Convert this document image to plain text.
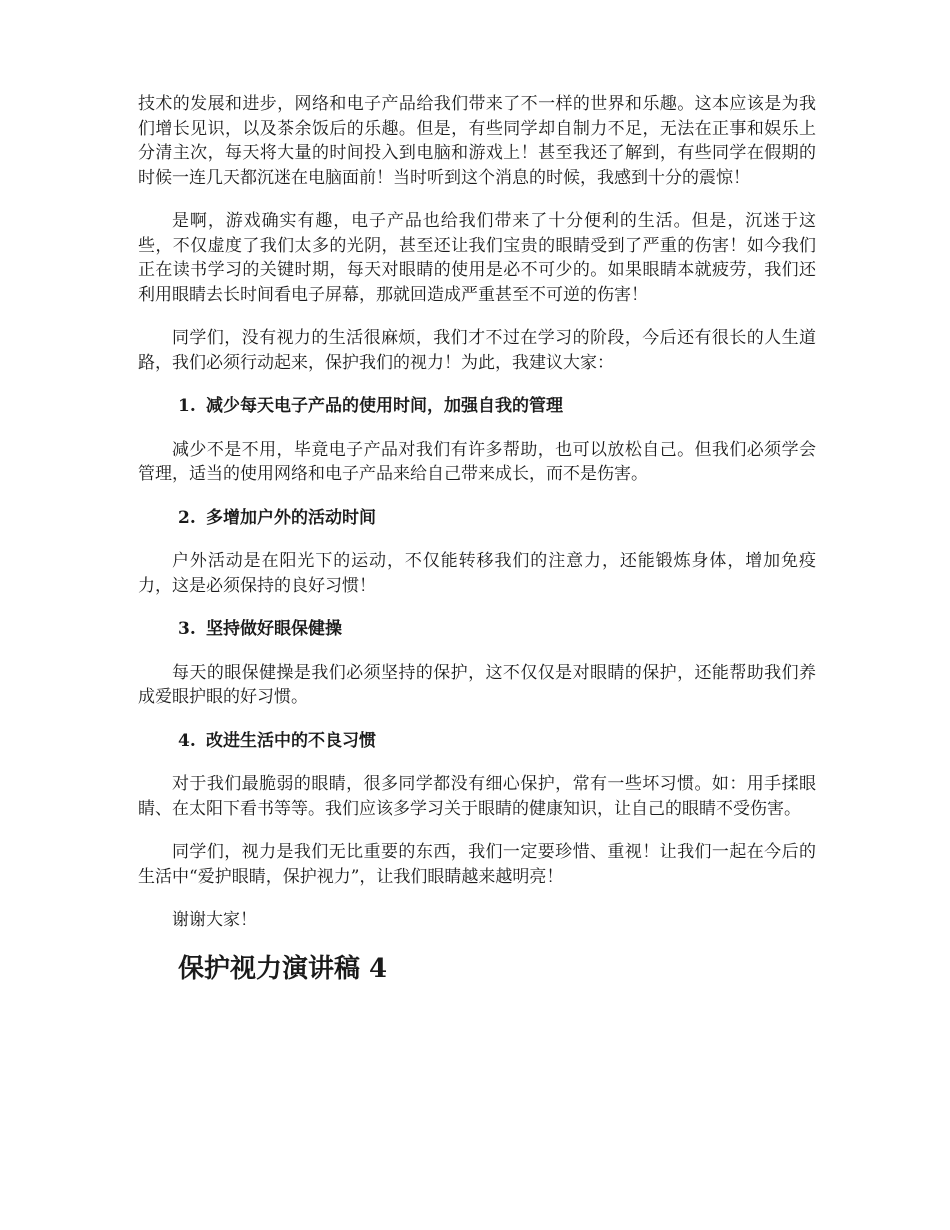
技术的发展和进步，网络和电子产品给我们带来了不一样的世界和乐趣。这本应该是为我们增长见识，以及茶余饭后的乐趣。但是，有些同学却自制力不足，无法在正事和娱乐上分清主次，每天将大量的时间投入到电脑和游戏上！甚至我还了解到，有些同学在假期的时候一连几天都沉迷在电脑面前！当时听到这个消息的时候，我感到十分的震惊！

是啊，游戏确实有趣，电子产品也给我们带来了十分便利的生活。但是，沉迷于这些，不仅虚度了我们太多的光阴，甚至还让我们宝贵的眼睛受到了严重的伤害！如今我们正在读书学习的关键时期，每天对眼睛的使用是必不可少的。如果眼睛本就疲劳，我们还利用眼睛去长时间看电子屏幕，那就回造成严重甚至不可逆的伤害！

同学们，没有视力的生活很麻烦，我们才不过在学习的阶段，今后还有很长的人生道路，我们必须行动起来，保护我们的视力！为此，我建议大家：

1. 减少每天电子产品的使用时间，加强自我的管理

减少不是不用，毕竟电子产品对我们有许多帮助，也可以放松自己。但我们必须学会管理，适当的使用网络和电子产品来给自己带来成长，而不是伤害。

2. 多增加户外的活动时间

户外活动是在阳光下的运动，不仅能转移我们的注意力，还能锻炼身体，增加免疫力，这是必须保持的良好习惯！

3. 坚持做好眼保健操

每天的眼保健操是我们必须坚持的保护，这不仅仅是对眼睛的保护，还能帮助我们养成爱眼护眼的好习惯。

4. 改进生活中的不良习惯

对于我们最脆弱的眼睛，很多同学都没有细心保护，常有一些坏习惯。如：用手揉眼睛、在太阳下看书等等。我们应该多学习关于眼睛的健康知识，让自己的眼睛不受伤害。

同学们，视力是我们无比重要的东西，我们一定要珍惜、重视！让我们一起在今后的生活中“爱护眼睛，保护视力”，让我们眼睛越来越明亮！

谢谢大家！

保护视力演讲稿 4
